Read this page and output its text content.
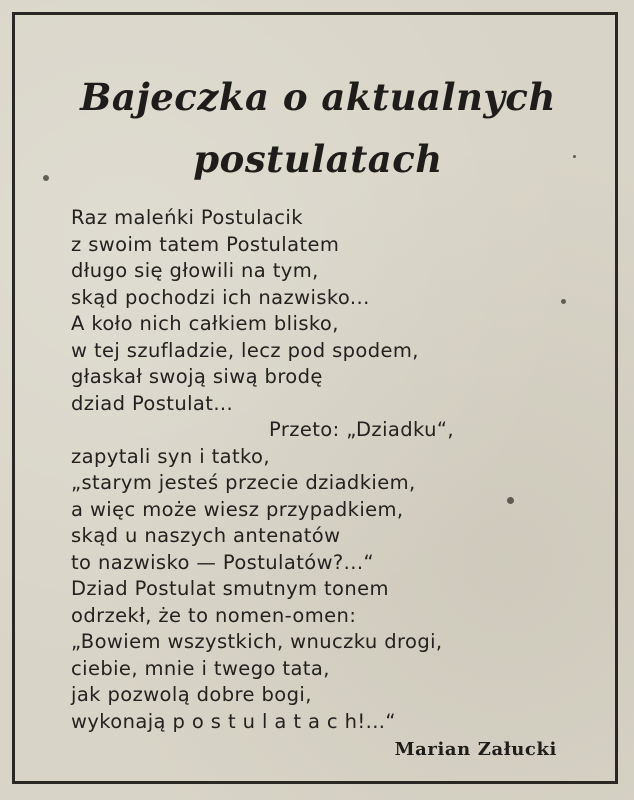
Bajeczka o aktualnych
postulatach
Raz maleńki Postulacik
z swoim tatem Postulatem
długo się głowili na tym,
skąd pochodzi ich nazwisko...
A koło nich całkiem blisko,
w tej szufladzie, lecz pod spodem,
głaskał swoją siwą brodę
dziad Postulat...
Przeto: „Dziadku“,
zapytali syn i tatko,
„starym jesteś przecie dziadkiem,
a więc może wiesz przypadkiem,
skąd u naszych antenatów
to nazwisko — Postulatów?...“
Dziad Postulat smutnym tonem
odrzekł, że to nomen-omen:
„Bowiem wszystkich, wnuczku drogi,
ciebie, mnie i twego tata,
jak pozwolą dobre bogi,
wykonają p o s t u l a t a c h!...“
Marian Załucki
